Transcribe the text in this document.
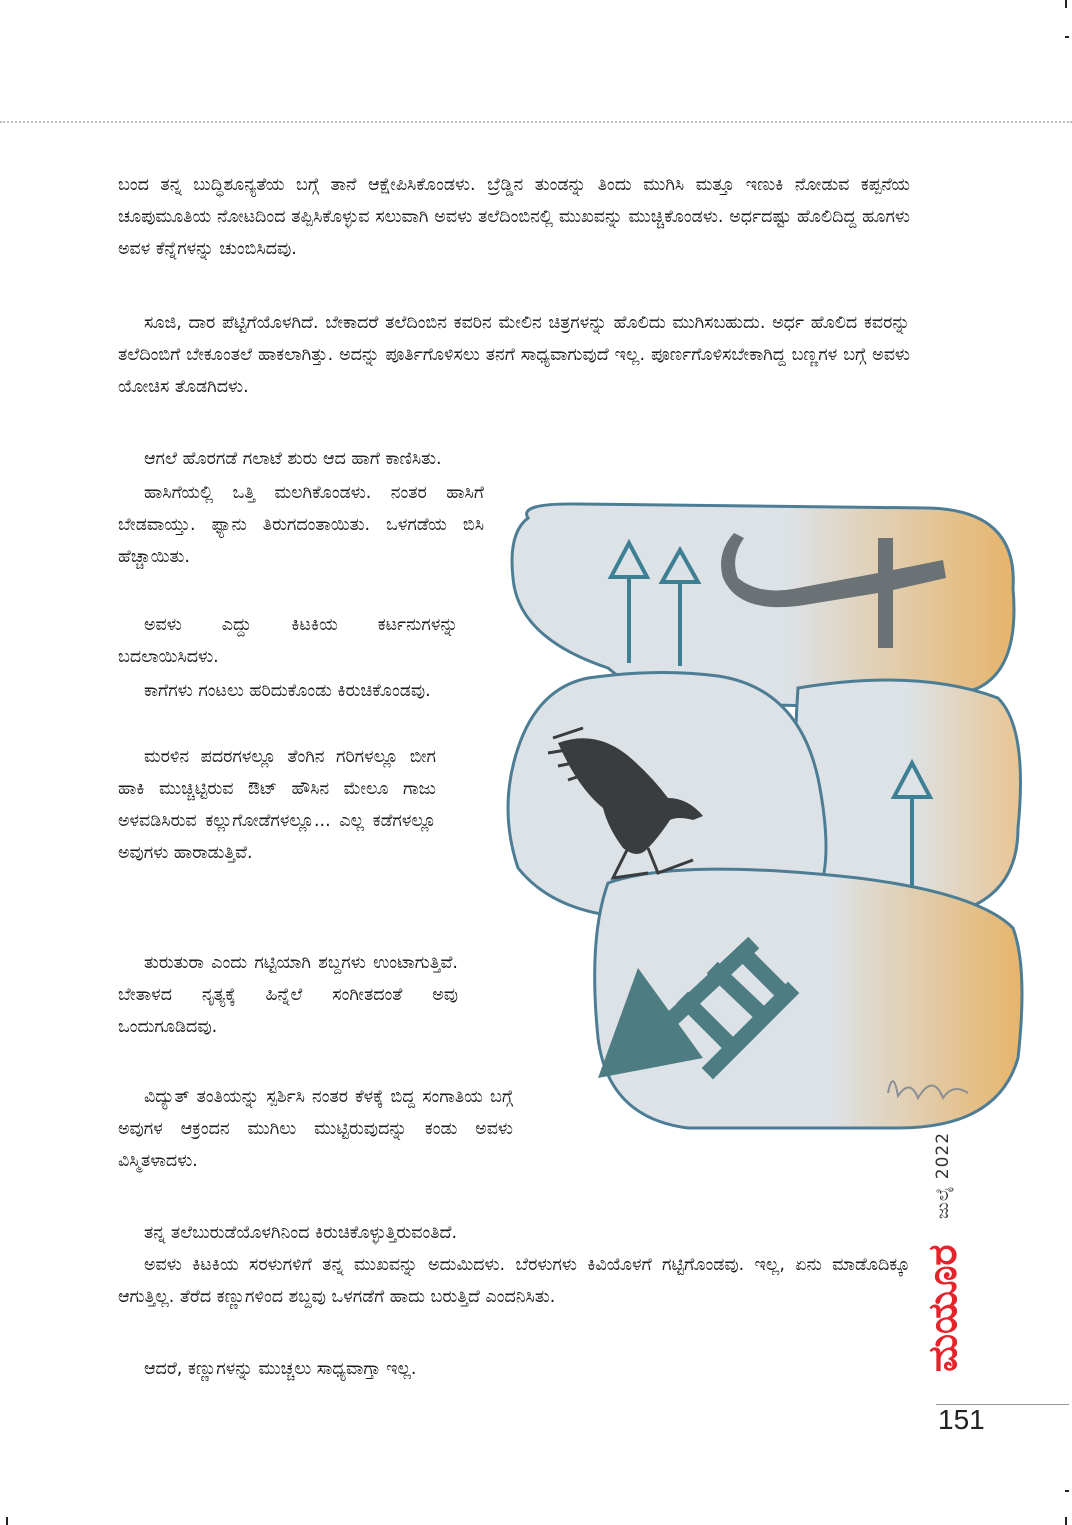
ಬಂದ ತನ್ನ ಬುದ್ಧಿಶೂನ್ಯತೆಯ ಬಗ್ಗೆ ತಾನೆ ಆಕ್ಷೇಪಿಸಿಕೊಂಡಳು. ಬ್ರೆಡ್ಡಿನ ತುಂಡನ್ನು ತಿಂದು ಮುಗಿಸಿ ಮತ್ತೂ ಇಣುಕಿ ನೋಡುವ ಕಪ್ಪನೆಯ ಚೂಪುಮೂತಿಯ ನೋಟದಿಂದ ತಪ್ಪಿಸಿಕೊಳ್ಳುವ ಸಲುವಾಗಿ ಅವಳು ತಲೆದಿಂಬಿನಲ್ಲಿ ಮುಖವನ್ನು ಮುಚ್ಚಿಕೊಂಡಳು. ಅರ್ಧದಷ್ಟು ಹೊಲಿದಿದ್ದ ಹೂಗಳು ಅವಳ ಕೆನ್ನೆಗಳನ್ನು ಚುಂಬಿಸಿದವು.

ಸೂಜಿ, ದಾರ ಪೆಟ್ಟಿಗೆಯೊಳಗಿದೆ. ಬೇಕಾದರೆ ತಲೆದಿಂಬಿನ ಕವರಿನ ಮೇಲಿನ ಚಿತ್ರಗಳನ್ನು ಹೊಲಿದು ಮುಗಿಸಬಹುದು. ಅರ್ಧ ಹೊಲಿದ ಕವರನ್ನು ತಲೆದಿಂಬಿಗೆ ಬೇಕೂಂತಲೆ ಹಾಕಲಾಗಿತ್ತು. ಅದನ್ನು ಪೂರ್ತಿಗೊಳಿಸಲು ತನಗೆ ಸಾಧ್ಯವಾಗುವುದೆ ಇಲ್ಲ. ಪೂರ್ಣಗೊಳಿಸಬೇಕಾಗಿದ್ದ ಬಣ್ಣಗಳ ಬಗ್ಗೆ ಅವಳು ಯೋಚಿಸ ತೊಡಗಿದಳು.

ಆಗಲೆ ಹೊರಗಡೆ ಗಲಾಟೆ ಶುರು ಆದ ಹಾಗೆ ಕಾಣಿಸಿತು.

ಹಾಸಿಗೆಯಲ್ಲಿ ಒತ್ತಿ ಮಲಗಿಕೊಂಡಳು. ನಂತರ ಹಾಸಿಗೆ ಬೇಡವಾಯ್ತು. ಫ್ಯಾನು ತಿರುಗದಂತಾಯಿತು. ಒಳಗಡೆಯ ಬಿಸಿ ಹೆಚ್ಚಾಯಿತು.

ಅವಳು ಎದ್ದು ಕಿಟಕಿಯ ಕರ್ಟನುಗಳನ್ನು ಬದಲಾಯಿಸಿದಳು.

ಕಾಗೆಗಳು ಗಂಟಲು ಹರಿದುಕೊಂಡು ಕಿರುಚಿಕೊಂಡವು.

ಮರಳಿನ ಪದರಗಳಲ್ಲೂ ತೆಂಗಿನ ಗರಿಗಳಲ್ಲೂ ಬೀಗ ಹಾಕಿ ಮುಚ್ಚಿಟ್ಟಿರುವ ಔಟ್ ಹೌಸಿನ ಮೇಲೂ ಗಾಜು ಅಳವಡಿಸಿರುವ ಕಲ್ಲುಗೋಡೆಗಳಲ್ಲೂ... ಎಲ್ಲ ಕಡೆಗಳಲ್ಲೂ ಅವುಗಳು ಹಾರಾಡುತ್ತಿವೆ.

ತುರುತುರಾ ಎಂದು ಗಟ್ಟಿಯಾಗಿ ಶಬ್ದಗಳು ಉಂಟಾಗುತ್ತಿವೆ. ಬೇತಾಳದ ನೃತ್ಯಕ್ಕೆ ಹಿನ್ನೆಲೆ ಸಂಗೀತದಂತೆ ಅವು ಒಂದುಗೂಡಿದವು.

ವಿದ್ಯುತ್ ತಂತಿಯನ್ನು ಸ್ಪರ್ಶಿಸಿ ನಂತರ ಕೆಳಕ್ಕೆ ಬಿದ್ದ ಸಂಗಾತಿಯ ಬಗ್ಗೆ ಅವುಗಳ ಆಕ್ರಂದನ ಮುಗಿಲು ಮುಟ್ಟಿರುವುದನ್ನು ಕಂಡು ಅವಳು ವಿಸ್ಮಿತಳಾದಳು.

ತನ್ನ ತಲೆಬುರುಡೆಯೊಳಗಿನಿಂದ ಕಿರುಚಿಕೊಳ್ಳುತ್ತಿರುವಂತಿದೆ.

ಅವಳು ಕಿಟಕಿಯ ಸರಳುಗಳಿಗೆ ತನ್ನ ಮುಖವನ್ನು ಅದುಮಿದಳು. ಬೆರಳುಗಳು ಕಿವಿಯೊಳಗೆ ಗಟ್ಟಿಗೊಂಡವು. ಇಲ್ಲ, ಏನು ಮಾಡೊದಿಕ್ಕೂ ಆಗುತ್ತಿಲ್ಲ. ತೆರೆದ ಕಣ್ಣುಗಳಿಂದ ಶಬ್ದವು ಒಳಗಡೆಗೆ ಹಾದು ಬರುತ್ತಿದೆ ಎಂದನಿಸಿತು.

ಆದರೆ, ಕಣ್ಣುಗಳನ್ನು ಮುಚ್ಚಲು ಸಾಧ್ಯವಾಗ್ತಾ ಇಲ್ಲ.

ಜುಲೈ 2022
ಮಯೂರ
151
